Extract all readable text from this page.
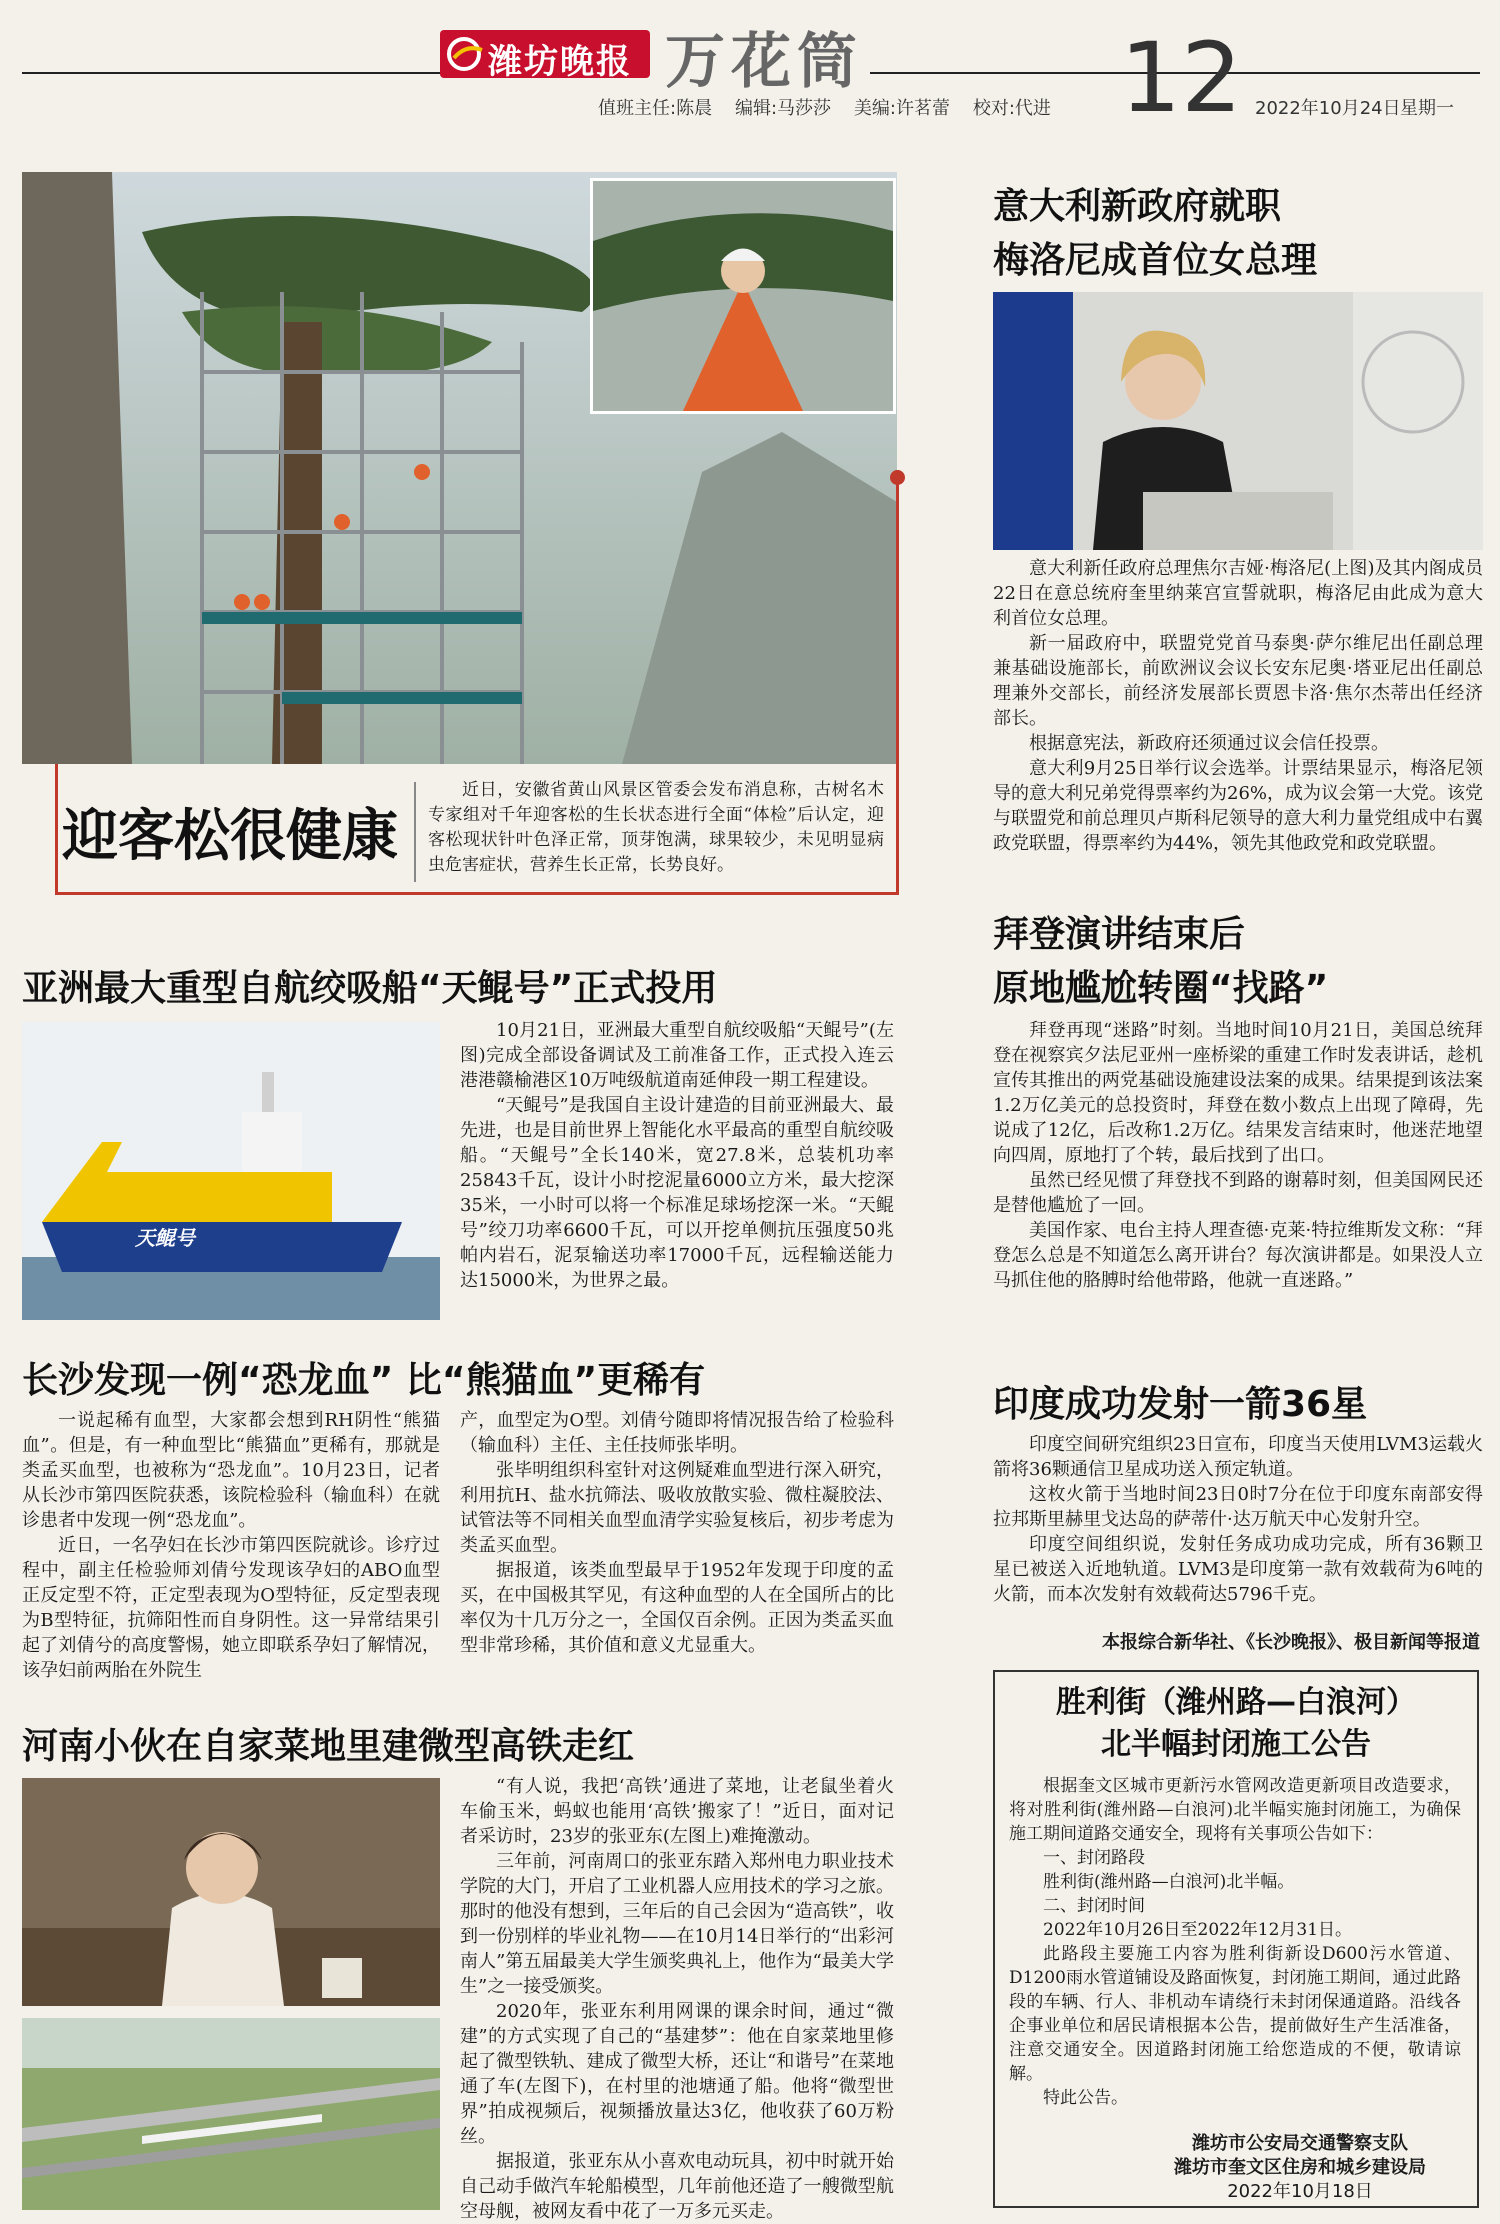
潍坊晚报 万花筒	12
值班主任:陈晨    编辑:马莎莎    美编:许茗蕾    校对:代进	2022年10月24日 星期一
迎客松很健康
近日，安徽省黄山风景区管委会发布消息称，古树名木专家组对千年迎客松的生长状态进行全面“体检”后认定，迎客松现状针叶色泽正常，顶芽饱满，球果较少，未见明显病虫危害症状，营养生长正常，长势良好。
亚洲最大重型自航绞吸船“天鲲号”正式投用
天鲲号

10月21日，亚洲最大重型自航绞吸船“天鲲号”(左图)完成全部设备调试及工前准备工作，正式投入连云港港赣榆港区10万吨级航道南延伸段一期工程建设。

“天鲲号”是我国自主设计建造的目前亚洲最大、最先进，也是目前世界上智能化水平最高的重型自航绞吸船。“天鲲号”全长140米，宽27.8米，总装机功率25843千瓦，设计小时挖泥量6000立方米，最大挖深35米，一小时可以将一个标准足球场挖深一米。“天鲲号”绞刀功率6600千瓦，可以开挖单侧抗压强度50兆帕内岩石，泥泵输送功率17000千瓦，远程输送能力达15000米，为世界之最。

长沙发现一例“恐龙血” 比“熊猫血”更稀有

一说起稀有血型，大家都会想到RH阴性“熊猫血”。但是，有一种血型比“熊猫血”更稀有，那就是类孟买血型，也被称为“恐龙血”。10月23日，记者从长沙市第四医院获悉，该院检验科（输血科）在就诊患者中发现一例“恐龙血”。

近日，一名孕妇在长沙市第四医院就诊。诊疗过程中，副主任检验师刘倩兮发现该孕妇的ABO血型正反定型不符，正定型表现为O型特征，反定型表现为B型特征，抗筛阳性而自身阴性。这一异常结果引起了刘倩兮的高度警惕，她立即联系孕妇了解情况，该孕妇前两胎在外院生

产，血型定为O型。刘倩兮随即将情况报告给了检验科（输血科）主任、主任技师张毕明。

张毕明组织科室针对这例疑难血型进行深入研究，利用抗H、盐水抗筛法、吸收放散实验、微柱凝胶法、试管法等不同相关血型血清学实验复核后，初步考虑为类孟买血型。

据报道，该类血型最早于1952年发现于印度的孟买，在中国极其罕见，有这种血型的人在全国所占的比率仅为十几万分之一，全国仅百余例。正因为类孟买血型非常珍稀，其价值和意义尤显重大。

河南小伙在自家菜地里建微型高铁走红

“有人说，我把‘高铁’通进了菜地，让老鼠坐着火车偷玉米，蚂蚁也能用‘高铁’搬家了！”近日，面对记者采访时，23岁的张亚东(左图上)难掩激动。

三年前，河南周口的张亚东踏入郑州电力职业技术学院的大门，开启了工业机器人应用技术的学习之旅。那时的他没有想到，三年后的自己会因为“造高铁”，收到一份别样的毕业礼物——在10月14日举行的“出彩河南人”第五届最美大学生颁奖典礼上，他作为“最美大学生”之一接受颁奖。

2020年，张亚东利用网课的课余时间，通过“微建”的方式实现了自己的“基建梦”：他在自家菜地里修起了微型铁轨、建成了微型大桥，还让“和谐号”在菜地通了车(左图下)，在村里的池塘通了船。他将“微型世界”拍成视频后，视频播放量达3亿，他收获了60万粉丝。

据报道，张亚东从小喜欢电动玩具，初中时就开始自己动手做汽车轮船模型，几年前他还造了一艘微型航空母舰，被网友看中花了一万多元买走。

意大利新政府就职
梅洛尼成首位女总理

意大利新任政府总理焦尔吉娅·梅洛尼(上图)及其内阁成员22日在意总统府奎里纳莱宫宣誓就职，梅洛尼由此成为意大利首位女总理。

新一届政府中，联盟党党首马泰奥·萨尔维尼出任副总理兼基础设施部长，前欧洲议会议长安东尼奥·塔亚尼出任副总理兼外交部长，前经济发展部长贾恩卡洛·焦尔杰蒂出任经济部长。

根据意宪法，新政府还须通过议会信任投票。

意大利9月25日举行议会选举。计票结果显示，梅洛尼领导的意大利兄弟党得票率约为26%，成为议会第一大党。该党与联盟党和前总理贝卢斯科尼领导的意大利力量党组成中右翼政党联盟，得票率约为44%，领先其他政党和政党联盟。

拜登演讲结束后
原地尴尬转圈“找路”

拜登再现“迷路”时刻。当地时间10月21日，美国总统拜登在视察宾夕法尼亚州一座桥梁的重建工作时发表讲话，趁机宣传其推出的两党基础设施建设法案的成果。结果提到该法案1.2万亿美元的总投资时，拜登在数小数点上出现了障碍，先说成了12亿，后改称1.2万亿。结果发言结束时，他迷茫地望向四周，原地打了个转，最后找到了出口。

虽然已经见惯了拜登找不到路的谢幕时刻，但美国网民还是替他尴尬了一回。

美国作家、电台主持人理查德·克莱·特拉维斯发文称：“拜登怎么总是不知道怎么离开讲台？每次演讲都是。如果没人立马抓住他的胳膊时给他带路，他就一直迷路。”

印度成功发射一箭36星

印度空间研究组织23日宣布，印度当天使用LVM3运载火箭将36颗通信卫星成功送入预定轨道。

这枚火箭于当地时间23日0时7分在位于印度东南部安得拉邦斯里赫里戈达岛的萨蒂什·达万航天中心发射升空。

印度空间组织说，发射任务成功成功完成，所有36颗卫星已被送入近地轨道。LVM3是印度第一款有效载荷为6吨的火箭，而本次发射有效载荷达5796千克。

本报综合新华社、《长沙晚报》、极目新闻等报道
胜利街（潍州路—白浪河）
北半幅封闭施工公告

根据奎文区城市更新污水管网改造更新项目改造要求，将对胜利街(潍州路—白浪河)北半幅实施封闭施工，为确保施工期间道路交通安全，现将有关事项公告如下：

一、封闭路段

胜利街(潍州路—白浪河)北半幅。

二、封闭时间

2022年10月26日至2022年12月31日。

此路段主要施工内容为胜利街新设D600污水管道、D1200雨水管道铺设及路面恢复，封闭施工期间，通过此路段的车辆、行人、非机动车请绕行未封闭保通道路。沿线各企事业单位和居民请根据本公告，提前做好生产生活准备，注意交通安全。因道路封闭施工给您造成的不便，敬请谅解。

特此公告。

潍坊市公安局交通警察支队
潍坊市奎文区住房和城乡建设局
2022年10月18日
